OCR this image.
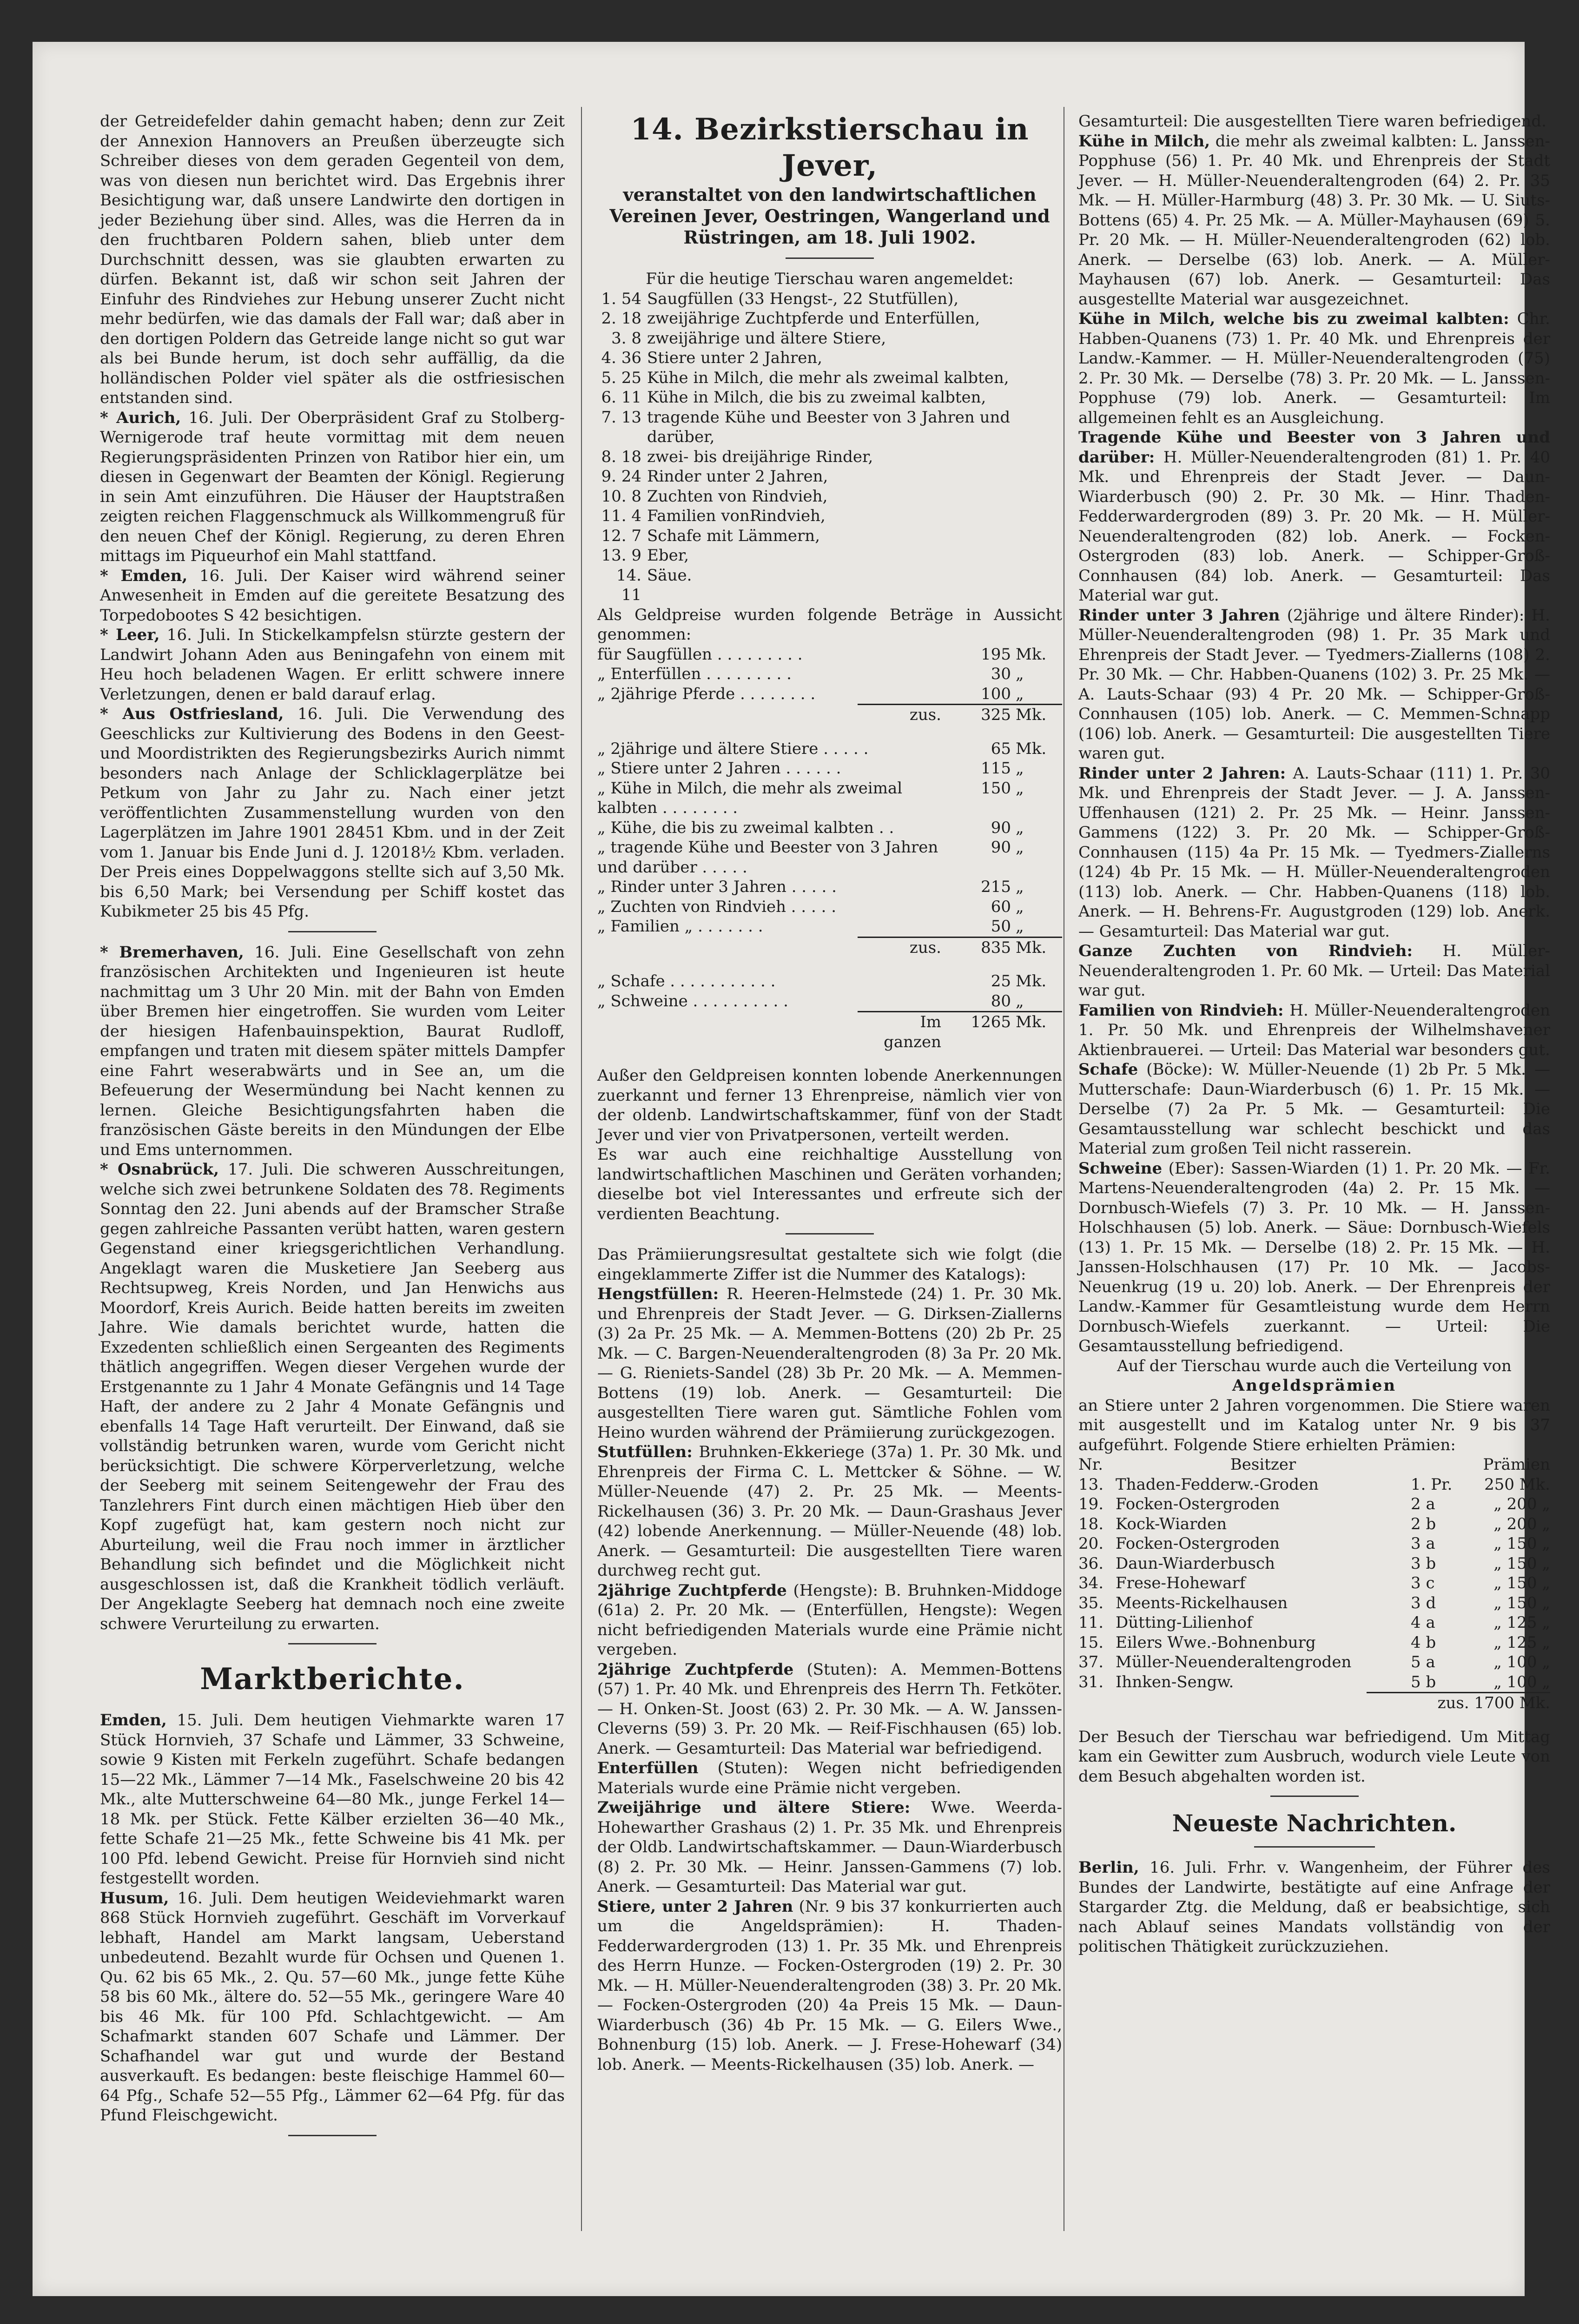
der Getreidefelder dahin gemacht haben; denn zur Zeit der Annexion Hannovers an Preußen überzeugte sich Schreiber dieses von dem geraden Gegenteil von dem, was von diesen nun berichtet wird. Das Ergebnis ihrer Besichtigung war, daß unsere Landwirte den dortigen in jeder Beziehung über sind. Alles, was die Herren da in den fruchtbaren Poldern sahen, blieb unter dem Durchschnitt dessen, was sie glaubten erwarten zu dürfen. Bekannt ist, daß wir schon seit Jahren der Einfuhr des Rindviehes zur Hebung unserer Zucht nicht mehr bedürfen, wie das damals der Fall war; daß aber in den dortigen Poldern das Getreide lange nicht so gut war als bei Bunde herum, ist doch sehr auffällig, da die holländischen Polder viel später als die ostfriesischen entstanden sind.

* Aurich, 16. Juli. Der Oberpräsident Graf zu Stolberg-Wernigerode traf heute vormittag mit dem neuen Regierungspräsidenten Prinzen von Ratibor hier ein, um diesen in Gegenwart der Beamten der Königl. Regierung in sein Amt einzuführen. Die Häuser der Hauptstraßen zeigten reichen Flaggenschmuck als Willkommengruß für den neuen Chef der Königl. Regierung, zu deren Ehren mittags im Piqueurhof ein Mahl stattfand.

* Emden, 16. Juli. Der Kaiser wird während seiner Anwesenheit in Emden auf die gereitete Besatzung des Torpedobootes S 42 besichtigen.

* Leer, 16. Juli. In Stickelkampfelsn stürzte gestern der Landwirt Johann Aden aus Beningafehn von einem mit Heu hoch beladenen Wagen. Er erlitt schwere innere Verletzungen, denen er bald darauf erlag.

* Aus Ostfriesland, 16. Juli. Die Verwendung des Geeschlicks zur Kultivierung des Bodens in den Geest- und Moordistrikten des Regierungsbezirks Aurich nimmt besonders nach Anlage der Schlicklagerplätze bei Petkum von Jahr zu Jahr zu. Nach einer jetzt veröffentlichten Zusammenstellung wurden von den Lagerplätzen im Jahre 1901 28451 Kbm. und in der Zeit vom 1. Januar bis Ende Juni d. J. 12018½ Kbm. verladen. Der Preis eines Doppelwaggons stellte sich auf 3,50 Mk. bis 6,50 Mark; bei Versendung per Schiff kostet das Kubikmeter 25 bis 45 Pfg.

* Bremerhaven, 16. Juli. Eine Gesellschaft von zehn französischen Architekten und Ingenieuren ist heute nachmittag um 3 Uhr 20 Min. mit der Bahn von Emden über Bremen hier eingetroffen. Sie wurden vom Leiter der hiesigen Hafenbauinspektion, Baurat Rudloff, empfangen und traten mit diesem später mittels Dampfer eine Fahrt weserabwärts und in See an, um die Befeuerung der Wesermündung bei Nacht kennen zu lernen. Gleiche Besichtigungsfahrten haben die französischen Gäste bereits in den Mündungen der Elbe und Ems unternommen.

* Osnabrück, 17. Juli. Die schweren Ausschreitungen, welche sich zwei betrunkene Soldaten des 78. Regiments Sonntag den 22. Juni abends auf der Bramscher Straße gegen zahlreiche Passanten verübt hatten, waren gestern Gegenstand einer kriegsgerichtlichen Verhandlung. Angeklagt waren die Musketiere Jan Seeberg aus Rechtsupweg, Kreis Norden, und Jan Henwichs aus Moordorf, Kreis Aurich. Beide hatten bereits im zweiten Jahre. Wie damals berichtet wurde, hatten die Exzedenten schließlich einen Sergeanten des Regiments thätlich angegriffen. Wegen dieser Vergehen wurde der Erstgenannte zu 1 Jahr 4 Monate Gefängnis und 14 Tage Haft, der andere zu 2 Jahr 4 Monate Gefängnis und ebenfalls 14 Tage Haft verurteilt. Der Einwand, daß sie vollständig betrunken waren, wurde vom Gericht nicht berücksichtigt. Die schwere Körperverletzung, welche der Seeberg mit seinem Seitengewehr der Frau des Tanzlehrers Fint durch einen mächtigen Hieb über den Kopf zugefügt hat, kam gestern noch nicht zur Aburteilung, weil die Frau noch immer in ärztlicher Behandlung sich befindet und die Möglichkeit nicht ausgeschlossen ist, daß die Krankheit tödlich verläuft. Der Angeklagte Seeberg hat demnach noch eine zweite schwere Verurteilung zu erwarten.

Marktberichte.

Emden, 15. Juli. Dem heutigen Viehmarkte waren 17 Stück Hornvieh, 37 Schafe und Lämmer, 33 Schweine, sowie 9 Kisten mit Ferkeln zugeführt. Schafe bedangen 15—22 Mk., Lämmer 7—14 Mk., Faselschweine 20 bis 42 Mk., alte Mutterschweine 64—80 Mk., junge Ferkel 14—18 Mk. per Stück. Fette Kälber erzielten 36—40 Mk., fette Schafe 21—25 Mk., fette Schweine bis 41 Mk. per 100 Pfd. lebend Gewicht. Preise für Hornvieh sind nicht festgestellt worden.

Husum, 16. Juli. Dem heutigen Weideviehmarkt waren 868 Stück Hornvieh zugeführt. Geschäft im Vorverkauf lebhaft, Handel am Markt langsam, Ueberstand unbedeutend. Bezahlt wurde für Ochsen und Quenen 1. Qu. 62 bis 65 Mk., 2. Qu. 57—60 Mk., junge fette Kühe 58 bis 60 Mk., ältere do. 52—55 Mk., geringere Ware 40 bis 46 Mk. für 100 Pfd. Schlachtgewicht. — Am Schafmarkt standen 607 Schafe und Lämmer. Der Schafhandel war gut und wurde der Bestand ausverkauft. Es bedangen: beste fleischige Hammel 60—64 Pfg., Schafe 52—55 Pfg., Lämmer 62—64 Pfg. für das Pfund Fleischgewicht.

14. Bezirkstierschau in Jever,
veranstaltet von den landwirtschaftlichen Vereinen Jever, Oestringen, Wangerland und Rüstringen, am 18. Juli 1902.

Für die heutige Tierschau waren angemeldet:

1. 54 Saugfüllen (33 Hengst-, 22 Stutfüllen),
2. 18 zweijährige Zuchtpferde und Enterfüllen,
3. 8 zweijährige und ältere Stiere,
4. 36 Stiere unter 2 Jahren,
5. 25 Kühe in Milch, die mehr als zweimal kalbten,
6. 11 Kühe in Milch, die bis zu zweimal kalbten,
7. 13 tragende Kühe und Beester von 3 Jahren und darüber,
8. 18 zwei- bis dreijährige Rinder,
9. 24 Rinder unter 2 Jahren,
10. 8 Zuchten von Rindvieh,
11. 4 Familien vonRindvieh,
12. 7 Schafe mit Lämmern,
13. 9 Eber,
14. 11
Säue.

Als Geldpreise wurden folgende Beträge in Aussicht genommen:

für Saugfüllen . . . . . . . . .	195 Mk.
„ Enterfüllen . . . . . . . . .	30 „
„ 2jährige Pferde . . . . . . . .	100 „
zus.	325 Mk.
„ 2jährige und ältere Stiere . . . . .	65 Mk.
„ Stiere unter 2 Jahren . . . . . .	115 „
„ Kühe in Milch, die mehr als zweimal kalbten . . . . . . . .
150 „
„ Kühe, die bis zu zweimal kalbten . .	90 „
„ tragende Kühe und Beester von 3 Jahren und darüber . . . . .
90 „
„ Rinder unter 3 Jahren . . . . .	215 „
„ Zuchten von Rindvieh . . . . .	60 „
„ Familien „ . . . . . . .	50 „
zus.	835 Mk.
„ Schafe . . . . . . . . . . .	25 Mk.
„ Schweine . . . . . . . . . .	80 „
Im ganzen
1265 Mk.

Außer den Geldpreisen konnten lobende Anerkennungen zuerkannt und ferner 13 Ehrenpreise, nämlich vier von der oldenb. Landwirtschaftskammer, fünf von der Stadt Jever und vier von Privatpersonen, verteilt werden.

Es war auch eine reichhaltige Ausstellung von landwirtschaftlichen Maschinen und Geräten vorhanden; dieselbe bot viel Interessantes und erfreute sich der verdienten Beachtung.

Das Prämiierungsresultat gestaltete sich wie folgt (die eingeklammerte Ziffer ist die Nummer des Katalogs):

Hengstfüllen: R. Heeren-Helmstede (24) 1. Pr. 30 Mk. und Ehrenpreis der Stadt Jever. — G. Dirksen-Ziallerns (3) 2a Pr. 25 Mk. — A. Memmen-Bottens (20) 2b Pr. 25 Mk. — C. Bargen-Neuenderaltengroden (8) 3a Pr. 20 Mk. — G. Rieniets-Sandel (28) 3b Pr. 20 Mk. — A. Memmen-Bottens (19) lob. Anerk. — Gesamturteil: Die ausgestellten Tiere waren gut. Sämtliche Fohlen vom Heino wurden während der Prämiierung zurückgezogen.

Stutfüllen: Bruhnken-Ekkeriege (37a) 1. Pr. 30 Mk. und Ehrenpreis der Firma C. L. Mettcker & Söhne. — W. Müller-Neuende (47) 2. Pr. 25 Mk. — Meents-Rickelhausen (36) 3. Pr. 20 Mk. — Daun-Grashaus Jever (42) lobende Anerkennung. — Müller-Neuende (48) lob. Anerk. — Gesamturteil: Die ausgestellten Tiere waren durchweg recht gut.

2jährige Zuchtpferde (Hengste): B. Bruhnken-Middoge (61a) 2. Pr. 20 Mk. — (Enterfüllen, Hengste): Wegen nicht befriedigenden Materials wurde eine Prämie nicht vergeben.

2jährige Zuchtpferde (Stuten): A. Memmen-Bottens (57) 1. Pr. 40 Mk. und Ehrenpreis des Herrn Th. Fetköter. — H. Onken-St. Joost (63) 2. Pr. 30 Mk. — A. W. Janssen-Cleverns (59) 3. Pr. 20 Mk. — Reif-Fischhausen (65) lob. Anerk. — Gesamturteil: Das Material war befriedigend.

Enterfüllen (Stuten): Wegen nicht befriedigenden Materials wurde eine Prämie nicht vergeben.

Zweijährige und ältere Stiere: Wwe. Weerda-Hohewarther Grashaus (2) 1. Pr. 35 Mk. und Ehrenpreis der Oldb. Landwirtschaftskammer. — Daun-Wiarderbusch (8) 2. Pr. 30 Mk. — Heinr. Janssen-Gammens (7) lob. Anerk. — Gesamturteil: Das Material war gut.

Stiere, unter 2 Jahren (Nr. 9 bis 37 konkurrierten auch um die Angeldsprämien): H. Thaden-Fedderwardergroden (13) 1. Pr. 35 Mk. und Ehrenpreis des Herrn Hunze. — Focken-Ostergroden (19) 2. Pr. 30 Mk. — H. Müller-Neuenderaltengroden (38) 3. Pr. 20 Mk. — Focken-Ostergroden (20) 4a Preis 15 Mk. — Daun-Wiarderbusch (36) 4b Pr. 15 Mk. — G. Eilers Wwe., Bohnenburg (15) lob. Anerk. — J. Frese-Hohewarf (34) lob. Anerk. — Meents-Rickelhausen (35) lob. Anerk. —

Gesamturteil: Die ausgestellten Tiere waren befriedigend.

Kühe in Milch, die mehr als zweimal kalbten: L. Janssen-Popphuse (56) 1. Pr. 40 Mk. und Ehrenpreis der Stadt Jever. — H. Müller-Neuenderaltengroden (64) 2. Pr. 35 Mk. — H. Müller-Harmburg (48) 3. Pr. 30 Mk. — U. Siuts-Bottens (65) 4. Pr. 25 Mk. — A. Müller-Mayhausen (69) 5. Pr. 20 Mk. — H. Müller-Neuenderaltengroden (62) lob. Anerk. — Derselbe (63) lob. Anerk. — A. Müller-Mayhausen (67) lob. Anerk. — Gesamturteil: Das ausgestellte Material war ausgezeichnet.

Kühe in Milch, welche bis zu zweimal kalbten: Chr. Habben-Quanens (73) 1. Pr. 40 Mk. und Ehrenpreis der Landw.-Kammer. — H. Müller-Neuenderaltengroden (75) 2. Pr. 30 Mk. — Derselbe (78) 3. Pr. 20 Mk. — L. Janssen-Popphuse (79) lob. Anerk. — Gesamturteil: Im allgemeinen fehlt es an Ausgleichung.

Tragende Kühe und Beester von 3 Jahren und darüber: H. Müller-Neuenderaltengroden (81) 1. Pr. 40 Mk. und Ehrenpreis der Stadt Jever. — Daun-Wiarderbusch (90) 2. Pr. 30 Mk. — Hinr. Thaden-Fedderwardergroden (89) 3. Pr. 20 Mk. — H. Müller-Neuenderaltengroden (82) lob. Anerk. — Focken-Ostergroden (83) lob. Anerk. — Schipper-Groß-Connhausen (84) lob. Anerk. — Gesamturteil: Das Material war gut.

Rinder unter 3 Jahren (2jährige und ältere Rinder): H. Müller-Neuenderaltengroden (98) 1. Pr. 35 Mark und Ehrenpreis der Stadt Jever. — Tyedmers-Ziallerns (108) 2. Pr. 30 Mk. — Chr. Habben-Quanens (102) 3. Pr. 25 Mk. — A. Lauts-Schaar (93) 4 Pr. 20 Mk. — Schipper-Groß-Connhausen (105) lob. Anerk. — C. Memmen-Schnapp (106) lob. Anerk. — Gesamturteil: Die ausgestellten Tiere waren gut.

Rinder unter 2 Jahren: A. Lauts-Schaar (111) 1. Pr. 30 Mk. und Ehrenpreis der Stadt Jever. — J. A. Janssen-Uffenhausen (121) 2. Pr. 25 Mk. — Heinr. Janssen-Gammens (122) 3. Pr. 20 Mk. — Schipper-Groß-Connhausen (115) 4a Pr. 15 Mk. — Tyedmers-Ziallerns (124) 4b Pr. 15 Mk. — H. Müller-Neuenderaltengroden (113) lob. Anerk. — Chr. Habben-Quanens (118) lob. Anerk. — H. Behrens-Fr. Augustgroden (129) lob. Anerk. — Gesamturteil: Das Material war gut.

Ganze Zuchten von Rindvieh: H. Müller-Neuenderaltengroden 1. Pr. 60 Mk. — Urteil: Das Material war gut.

Familien von Rindvieh: H. Müller-Neuenderaltengroden 1. Pr. 50 Mk. und Ehrenpreis der Wilhelmshavener Aktienbrauerei. — Urteil: Das Material war besonders gut.

Schafe (Böcke): W. Müller-Neuende (1) 2b Pr. 5 Mk. — Mutterschafe: Daun-Wiarderbusch (6) 1. Pr. 15 Mk. — Derselbe (7) 2a Pr. 5 Mk. — Gesamturteil: Die Gesamtausstellung war schlecht beschickt und das Material zum großen Teil nicht rasserein.

Schweine (Eber): Sassen-Wiarden (1) 1. Pr. 20 Mk. — Fr. Martens-Neuenderaltengroden (4a) 2. Pr. 15 Mk. — Dornbusch-Wiefels (7) 3. Pr. 10 Mk. — H. Janssen-Holschhausen (5) lob. Anerk. — Säue: Dornbusch-Wiefels (13) 1. Pr. 15 Mk. — Derselbe (18) 2. Pr. 15 Mk. — H. Janssen-Holschhausen (17) Pr. 10 Mk. — Jacobs-Neuenkrug (19 u. 20) lob. Anerk. — Der Ehrenpreis der Landw.-Kammer für Gesamtleistung wurde dem Herrn Dornbusch-Wiefels zuerkannt. — Urteil: Die Gesamtausstellung befriedigend.

Auf der Tierschau wurde auch die Verteilung von

Angeldsprämien

an Stiere unter 2 Jahren vorgenommen. Die Stiere waren mit ausgestellt und im Katalog unter Nr. 9 bis 37 aufgeführt. Folgende Stiere erhielten Prämien:

Nr.	Besitzer	Prämien
13. Thaden-Fedderw.-Groden	1. Pr.	250 Mk.
19. Focken-Ostergroden	2 a	„ 200 „
18. Kock-Wiarden	2 b	„ 200 „
20. Focken-Ostergroden	3 a	„ 150 „
36. Daun-Wiarderbusch	3 b	„ 150 „
34. Frese-Hohewarf	3 c	„ 150 „
35. Meents-Rickelhausen	3 d	„ 150 „
11. Dütting-Lilienhof	4 a	„ 125 „
15. Eilers Wwe.-Bohnenburg	4 b	„ 125 „
37. Müller-Neuenderaltengroden	5 a	„ 100 „
31. Ihnken-Sengw.	5 b	„ 100 „
zus. 1700 Mk.

Der Besuch der Tierschau war befriedigend. Um Mittag kam ein Gewitter zum Ausbruch, wodurch viele Leute von dem Besuch abgehalten worden ist.

Neueste Nachrichten.

Berlin, 16. Juli. Frhr. v. Wangenheim, der Führer des Bundes der Landwirte, bestätigte auf eine Anfrage der Stargarder Ztg. die Meldung, daß er beabsichtige, sich nach Ablauf seines Mandats vollständig von der politischen Thätigkeit zurückzuziehen.
